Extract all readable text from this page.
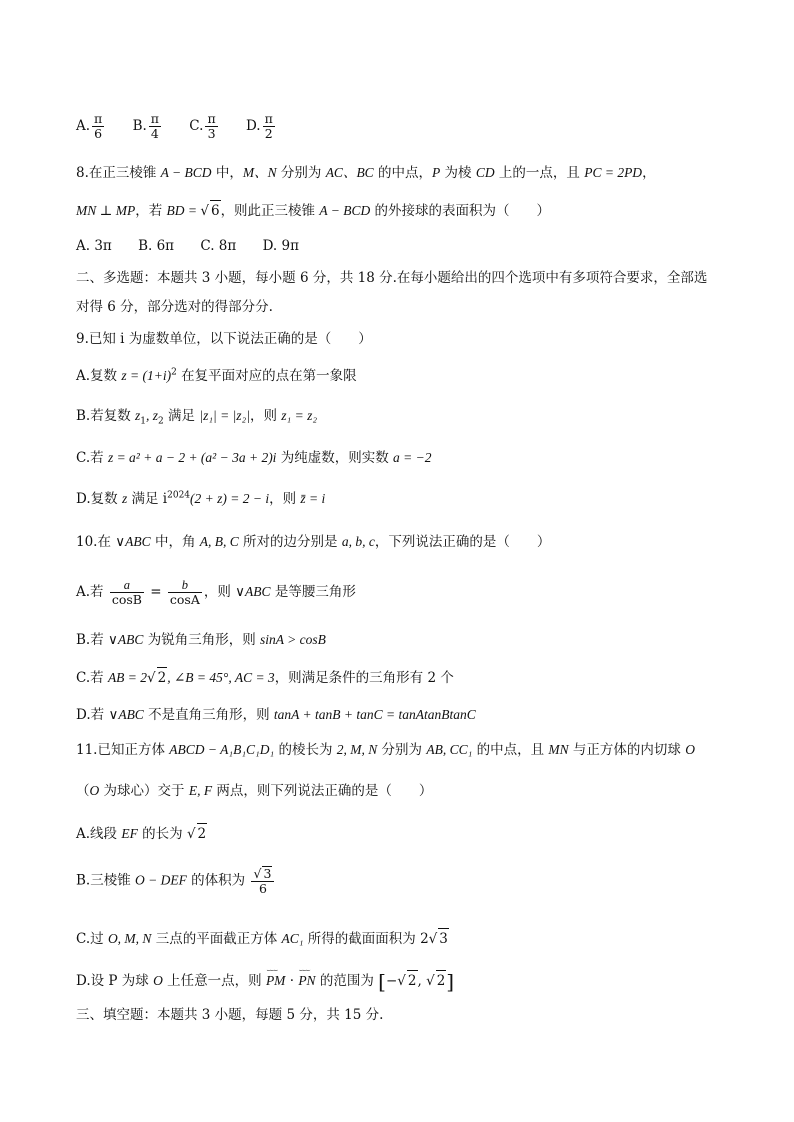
A. $\frac{\pi}{6} B$. $\frac{\pi}{4} C$. $\frac{\pi}{3} D$. $\frac{\pi}{2}$
8.在正三棱锥 A − BCD 中，M、N 分别为 AC、BC 的中点，P 为棱 CD 上的一点，且 PC = 2PD，
MN ⊥ MP，若 BD = √ 6，则此正三棱锥 A − BCD 的外接球的表面积为（　　）
A. 3π B. 6π C. 8π D. 9π
二、多选题：本题共 3 小题，每小题 6 分，共 18 分.在每小题给出的四个选项中有多项符合要求，全部选
对得 6 分，部分选对的得部分分.
9.已知 i 为虚数单位，以下说法正确的是（　　）
A.复数 $z = (1+i)^2$ 在复平面对应的点在第一象限
B.若复数 $z_1$, $z_2$ 满足 |z₁| = |z₂|，则 z₁ = z₂
C.若 z = a² + a − 2 + (a² − 3a + 2)i 为纯虚数，则实数 a = −2
D.复数 z 满足 $i^{2024}(2 + z) = 2 - i$，则 z̄ = i
10.在 ∨ABC 中，角 A, B, C 所对的边分别是 a, b, c，下列说法正确的是（　　）
A.若 $\frac{a}{\cos B} = \frac{b}{\cos A}$ ，则 ∨ABC 是等腰三角形
B.若 ∨ABC 为锐角三角形，则 sinA > cosB
C.若 AB = 2√ 2, ∠B = 45°, AC = 3，则满足条件的三角形有 2 个
D.若 ∨ABC 不是直角三角形，则 tanA + tanB + tanC = tanAtanBtanC
11.已知正方体 ABCD − A₁B₁C₁D₁ 的棱长为 2, M, N 分别为 AB, CC₁ 的中点，且 MN 与正方体的内切球 O
（O 为球心）交于 E, F 两点，则下列说法正确的是（　　）
A.线段 EF 的长为 √ 2
B.三棱锥 O − DEF 的体积为 $\frac{√ 3}{6}$
C.过 O, M, N 三点的平面截正方体 AC₁ 所得的截面面积为 2√ 3
D.设 P 为球 O 上任意一点，则 ⌣⌣⌣ PM · ⌣⌣⌣ PN 的范围为 [−√ 2, √ 2]
三、填空题：本题共 3 小题，每题 5 分，共 15 分.
